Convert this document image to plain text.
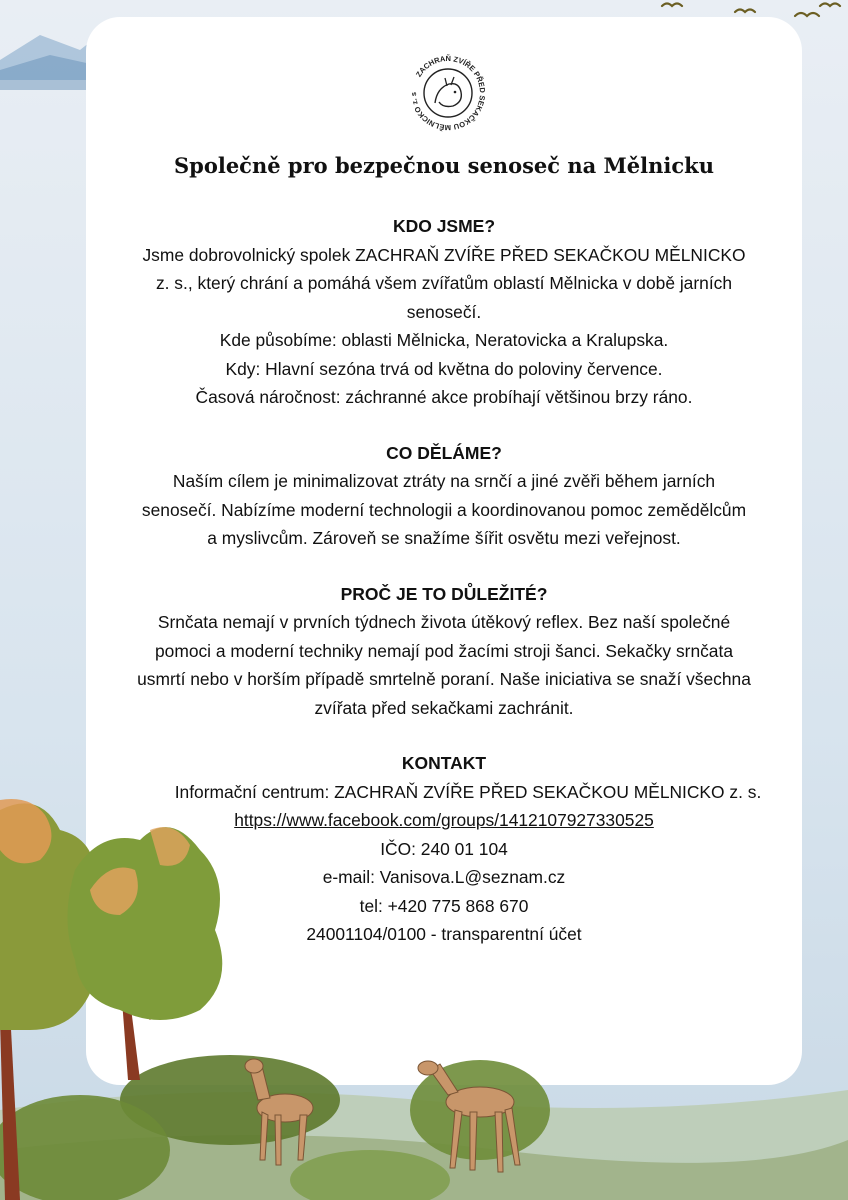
ZACHRAŇ ZVÍŘE PŘED SEKAČKOU MĚLNICKO z. s
Společně pro bezpečnou senoseč na Mělnicku
KDO JSME?
Jsme dobrovolnický spolek ZACHRAŇ ZVÍŘE PŘED SEKAČKOU MĚLNICKO
z. s., který chrání a pomáhá všem zvířatům oblastí Mělnicka v době jarních
senosečí.
Kde působíme: oblasti Mělnicka, Neratovicka a Kralupska.
Kdy: Hlavní sezóna trvá od května do poloviny července.
Časová náročnost: záchranné akce probíhají většinou brzy ráno.
CO DĚLÁME?
Naším cílem je minimalizovat ztráty na srnčí a jiné zvěři během jarních
senosečí. Nabízíme moderní technologii a koordinovanou pomoc zemědělcům
a myslivcům. Zároveň se snažíme šířit osvětu mezi veřejnost.
PROČ JE TO DŮLEŽITÉ?
Srnčata nemají v prvních týdnech života útěkový reflex. Bez naší společné
pomoci a moderní techniky nemají pod žacími stroji šanci. Sekačky srnčata
usmrtí nebo v horším případě smrtelně poraní. Naše iniciativa se snaží všechna
zvířata před sekačkami zachránit.
KONTAKT
Informační centrum: ZACHRAŇ ZVÍŘE PŘED SEKAČKOU MĚLNICKO z. s.
https://www.facebook.com/groups/1412107927330525
IČO: 240 01 104
e-mail: Vanisova.L@seznam.cz
tel: +420 775 868 670
24001104/0100 - transparentní účet
